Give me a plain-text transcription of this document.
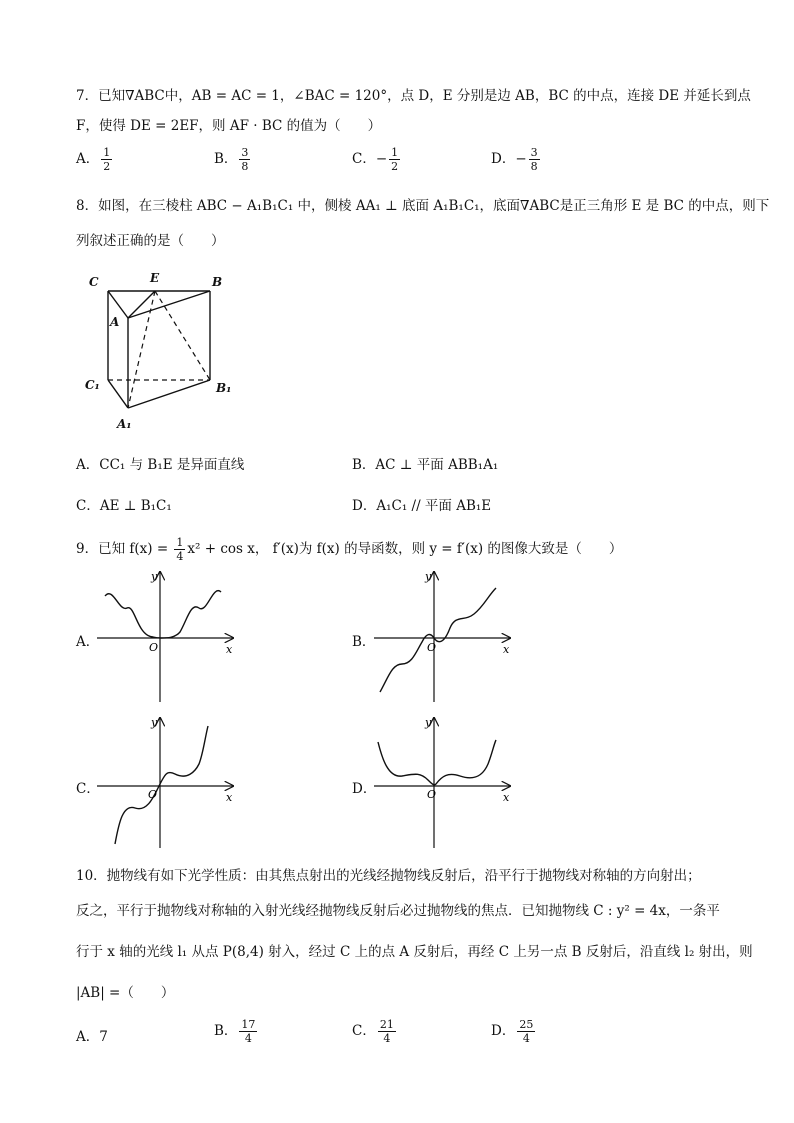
7．已知∇ABC中，AB = AC = 1，∠BAC = 120°，点 D，E 分别是边 AB，BC 的中点，连接 DE 并延长到点
F，使得 DE = 2EF，则 AF · BC 的值为（　　）
A． $\frac{1}{2}$	B． $\frac{3}{8}$	C．− $\frac{1}{2}$	D．− $\frac{3}{8}$
8．如图，在三棱柱 ABC − A₁B₁C₁ 中，侧棱 AA₁ ⊥ 底面 A₁B₁C₁，底面∇ABC是正三角形 E 是 BC 的中点，则下
列叙述正确的是（　　）
C	E	B
A
C₁	B₁
A₁
A．CC₁ 与 B₁E 是异面直线	B．AC ⊥ 平面 ABB₁A₁
C．AE ⊥ B₁C₁	D．A₁C₁ // 平面 AB₁E
9．已知 $f(x) = \frac{1}{4} x^2 + \cos x$， f′(x)为 f(x) 的导函数，则 y = f′(x) 的图像大致是（　　）
A．	B．
C．	D．
x
y
O	x
y
O
x
y
O	x
y
O
10．抛物线有如下光学性质：由其焦点射出的光线经抛物线反射后，沿平行于抛物线对称轴的方向射出；
反之，平行于抛物线对称轴的入射光线经抛物线反射后必过抛物线的焦点．已知抛物线 C : y² = 4x，一条平
行于 x 轴的光线 l₁ 从点 P(8,4) 射入，经过 C 上的点 A 反射后，再经 C 上另一点 B 反射后，沿直线 l₂ 射出，则
|AB| =（　　）
A．7	B． $\frac{17}{4}$	C． $\frac{21}{4}$	D． $\frac{25}{4}$
